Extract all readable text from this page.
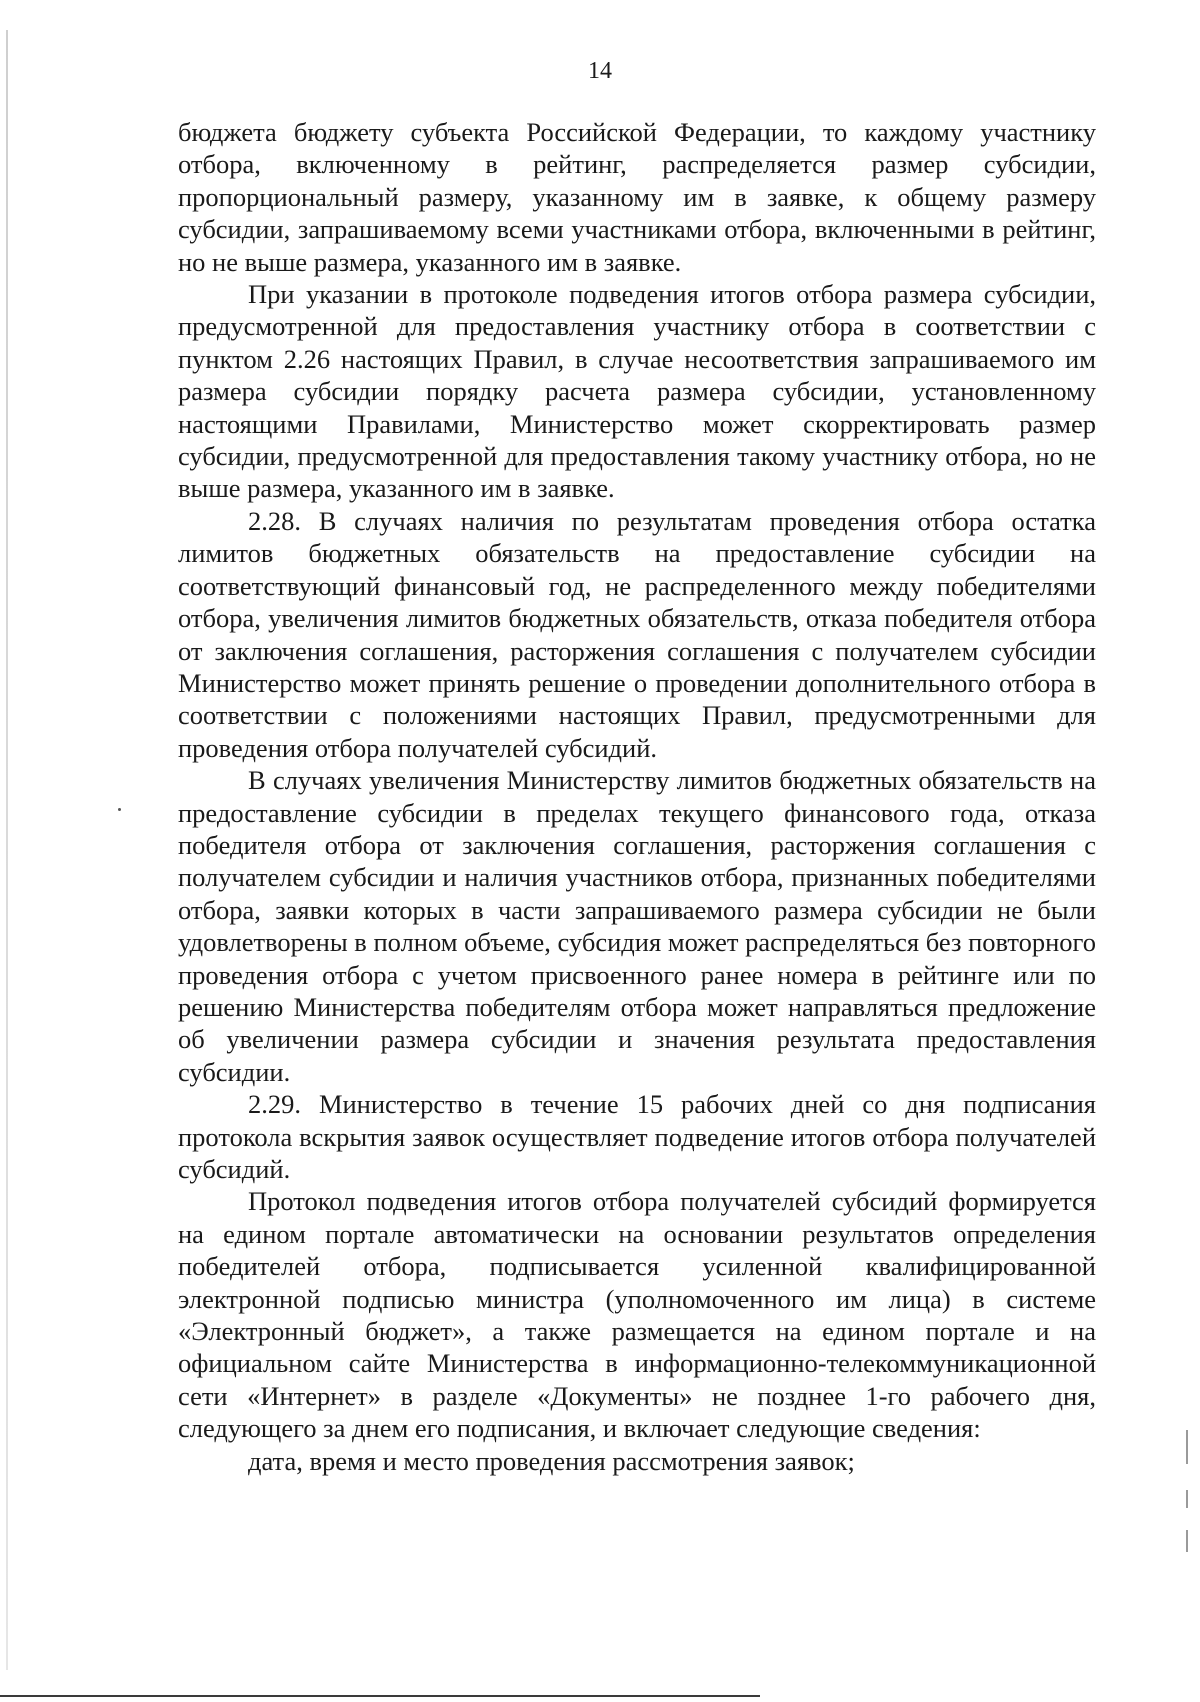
14

бюджета бюджету субъекта Российской Федерации, то каждому участнику отбора, включенному в рейтинг, распределяется размер субсидии, пропорциональный размеру, указанному им в заявке, к общему размеру субсидии, запрашиваемому всеми участниками отбора, включенными в рейтинг, но не выше размера, указанного им в заявке.

При указании в протоколе подведения итогов отбора размера субсидии, предусмотренной для предоставления участнику отбора в соответствии с пунктом 2.26 настоящих Правил, в случае несоответствия запрашиваемого им размера субсидии порядку расчета размера субсидии, установленному настоящими Правилами, Министерство может скорректировать размер субсидии, предусмотренной для предоставления такому участнику отбора, но не выше размера, указанного им в заявке.

2.28. В случаях наличия по результатам проведения отбора остатка лимитов бюджетных обязательств на предоставление субсидии на соответствующий финансовый год, не распределенного между победителями отбора, увеличения лимитов бюджетных обязательств, отказа победителя отбора от заключения соглашения, расторжения соглашения с получателем субсидии Министерство может принять решение о проведении дополнительного отбора в соответствии с положениями настоящих Правил, предусмотренными для проведения отбора получателей субсидий.

В случаях увеличения Министерству лимитов бюджетных обязательств на предоставление субсидии в пределах текущего финансового года, отказа победителя отбора от заключения соглашения, расторжения соглашения с получателем субсидии и наличия участников отбора, признанных победителями отбора, заявки которых в части запрашиваемого размера субсидии не были удовлетворены в полном объеме, субсидия может распределяться без повторного проведения отбора с учетом присвоенного ранее номера в рейтинге или по решению Министерства победителям отбора может направляться предложение об увеличении размера субсидии и значения результата предоставления субсидии.

2.29. Министерство в течение 15 рабочих дней со дня подписания протокола вскрытия заявок осуществляет подведение итогов отбора получателей субсидий.

Протокол подведения итогов отбора получателей субсидий формируется на едином портале автоматически на основании результатов определения победителей отбора, подписывается усиленной квалифицированной электронной подписью министра (уполномоченного им лица) в системе «Электронный бюджет», а также размещается на едином портале и на официальном сайте Министерства в информационно-телекоммуникационной сети «Интернет» в разделе «Документы» не позднее 1-го рабочего дня, следующего за днем его подписания, и включает следующие сведения:

дата, время и место проведения рассмотрения заявок;
